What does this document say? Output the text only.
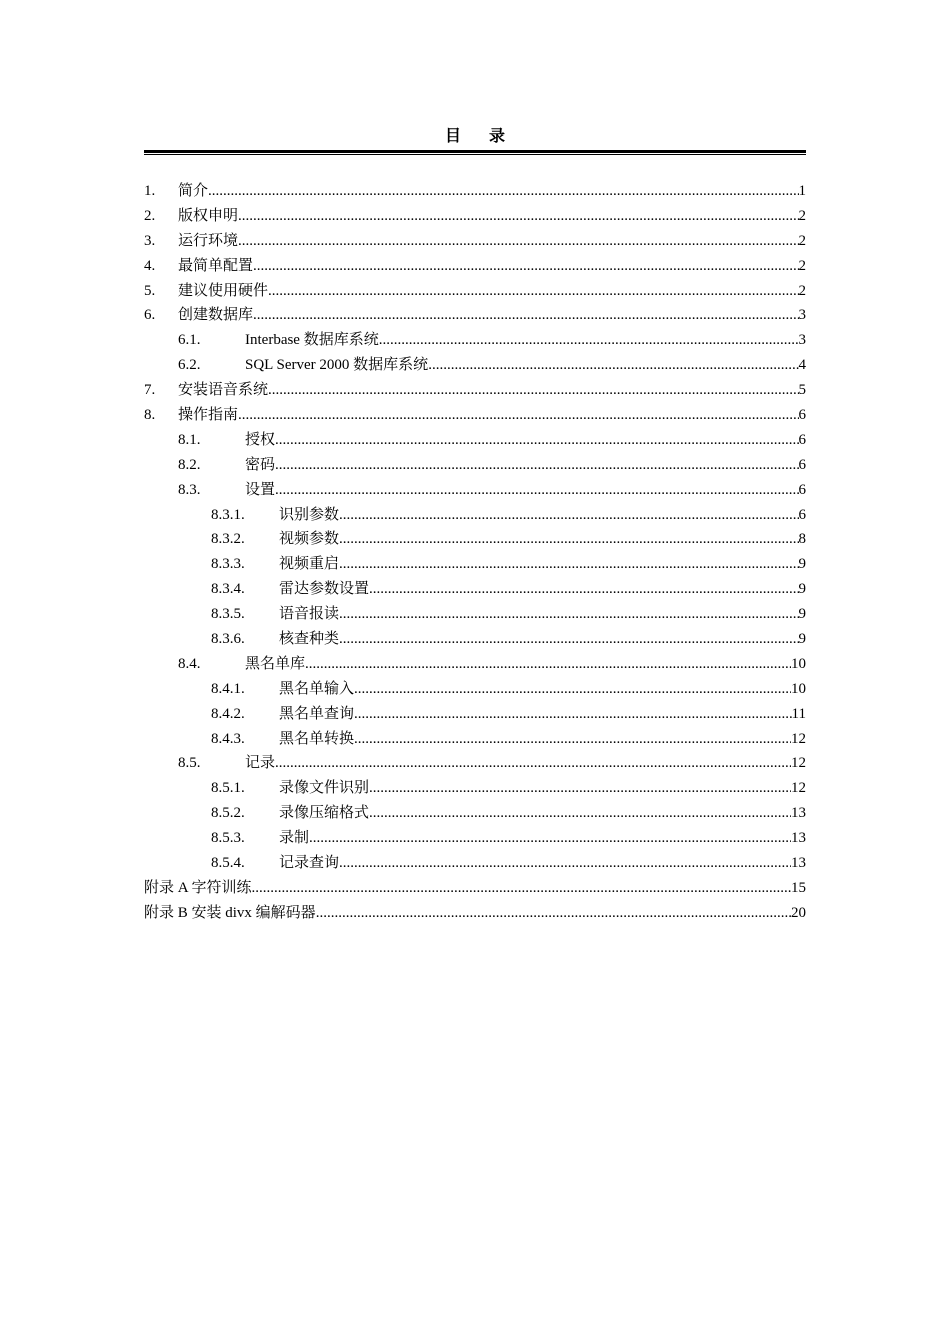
目 录
1. 简介 .....	1
2. 版权申明 .....	2
3. 运行环境 .....	2
4. 最简单配置 .....	2
5. 建议使用硬件 .....	2
6. 创建数据库 .....	3
6.1.	Interbase 数据库系统 .....	3
6.2.	SQL Server 2000 数据库系统 .....	4
7. 安装语音系统 .....	5
8. 操作指南 .....	6
8.1.	授权 .....	6
8.2.	密码 .....	6
8.3.	设置 .....	6
8.3.1. 识别参数 .....	6
8.3.2. 视频参数 .....	8
8.3.3. 视频重启 .....	9
8.3.4. 雷达参数设置 .....	9
8.3.5. 语音报读 .....	9
8.3.6. 核查种类 .....	9
8.4.	黑名单库 .....	10
8.4.1. 黑名单输入 .....	10
8.4.2. 黑名单查询 .....	11
8.4.3. 黑名单转换 .....	12
8.5.	记录 .....	12
8.5.1. 录像文件识别 .....	12
8.5.2. 录像压缩格式 .....	13
8.5.3. 录制 .....	13
8.5.4. 记录查询 .....	13
附录 A 字符训练 .....	15
附录 B 安装 divx 编解码器 .....	20
